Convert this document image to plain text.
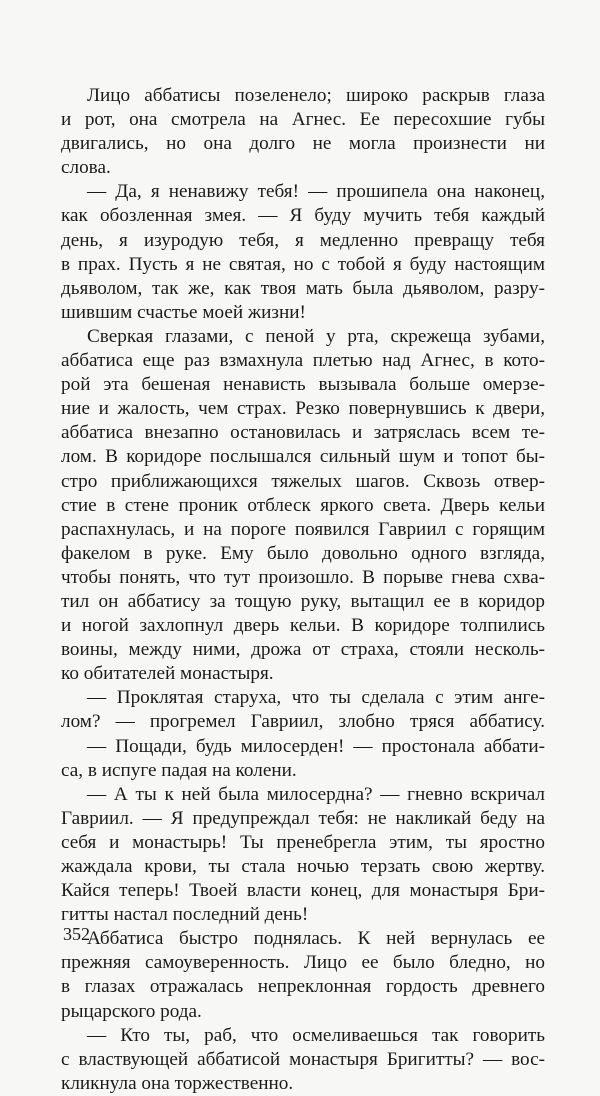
Лицо аббатисы позеленело; широко раскрыв глаза
и рот, она смотрела на Агнес. Ее пересохшие губы
двигались, но она долго не могла произнести ни
слова.
— Да, я ненавижу тебя! — прошипела она наконец,
как обозленная змея. — Я буду мучить тебя каждый
день, я изуродую тебя, я медленно превращу тебя
в прах. Пусть я не святая, но с тобой я буду настоящим
дьяволом, так же, как твоя мать была дьяволом, разру-
шившим счастье моей жизни!
Сверкая глазами, с пеной у рта, скрежеща зубами,
аббатиса еще раз взмахнула плетью над Агнес, в кото-
рой эта бешеная ненависть вызывала больше омерзе-
ние и жалость, чем страх. Резко повернувшись к двери,
аббатиса внезапно остановилась и затряслась всем те-
лом. В коридоре послышался сильный шум и топот бы-
стро приближающихся тяжелых шагов. Сквозь отвер-
стие в стене проник отблеск яркого света. Дверь кельи
распахнулась, и на пороге появился Гавриил с горящим
факелом в руке. Ему было довольно одного взгляда,
чтобы понять, что тут произошло. В порыве гнева схва-
тил он аббатису за тощую руку, вытащил ее в коридор
и ногой захлопнул дверь кельи. В коридоре толпились
воины, между ними, дрожа от страха, стояли несколь-
ко обитателей монастыря.
— Проклятая старуха, что ты сделала с этим анге-
лом? — прогремел Гавриил, злобно тряся аббатису.
— Пощади, будь милосерден! — простонала аббати-
са, в испуге падая на колени.
— А ты к ней была милосердна? — гневно вскричал
Гавриил. — Я предупреждал тебя: не накликай беду на
себя и монастырь! Ты пренебрегла этим, ты яростно
жаждала крови, ты стала ночью терзать свою жертву.
Кайся теперь! Твоей власти конец, для монастыря Бри-
гитты настал последний день!
Аббатиса быстро поднялась. К ней вернулась ее
прежняя самоуверенность. Лицо ее было бледно, но
в глазах отражалась непреклонная гордость древнего
рыцарского рода.
— Кто ты, раб, что осмеливаешься так говорить
с властвующей аббатисой монастыря Бригитты? — вос-
кликнула она торжественно.
352
